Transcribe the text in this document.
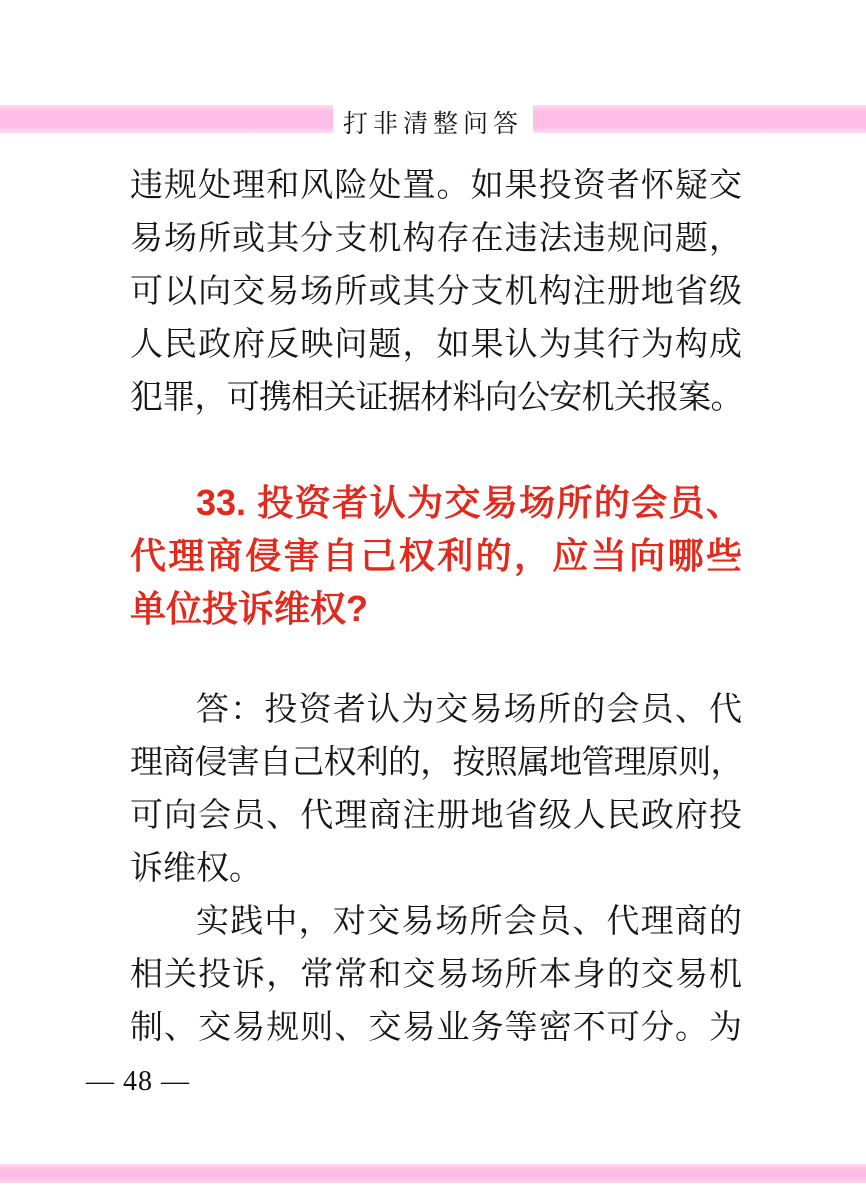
打非清整问答
违规处理和风险处置。如果投资者怀疑交
易场所或其分支机构存在违法违规问题，
可以向交易场所或其分支机构注册地省级
人民政府反映问题，如果认为其行为构成
犯罪，可携相关证据材料向公安机关报案。
33. 投资者认为交易场所的会员、
代理商侵害自己权利的，应当向哪些
单位投诉维权?
答：投资者认为交易场所的会员、代
理商侵害自己权利的，按照属地管理原则，
可向会员、代理商注册地省级人民政府投
诉维权。
实践中，对交易场所会员、代理商的
相关投诉，常常和交易场所本身的交易机
制、交易规则、交易业务等密不可分。为
— 48 —
